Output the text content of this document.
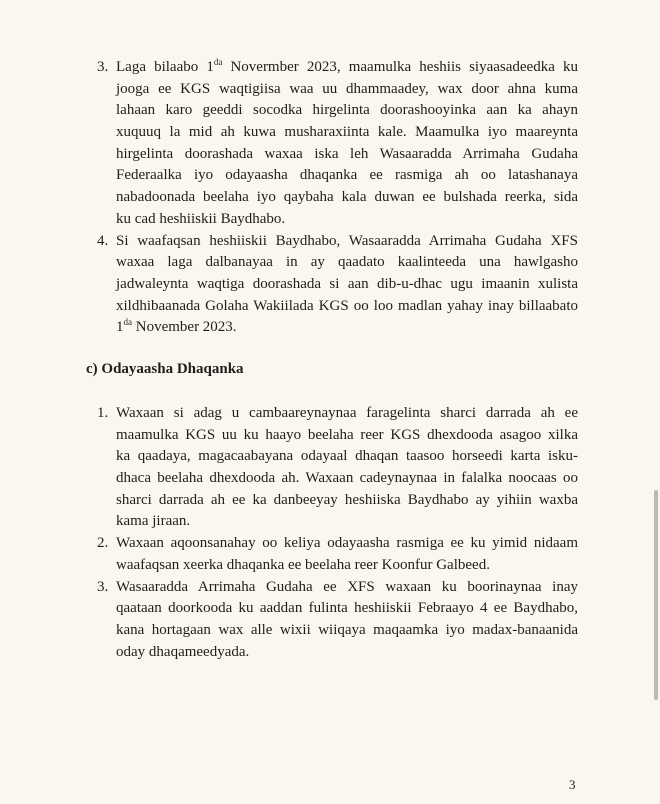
3. Laga bilaabo $1^{da}$ Novermber 2023, maamulka heshiis siyaasadeedka ku
jooga ee KGS waqtigiisa waa uu dhammaadey, wax door ahna kuma
lahaan karo geeddi socodka hirgelinta doorashooyinka aan ka ahayn
xuquuq la mid ah kuwa musharaxiinta kale. Maamulka iyo maareynta
hirgelinta doorashada waxaa iska leh Wasaaradda Arrimaha Gudaha
Federaalka iyo odayaasha dhaqanka ee rasmiga ah oo latashanaya
nabadoonada beelaha iyo qaybaha kala duwan ee bulshada reerka, sida
ku cad heshiiskii Baydhabo.
4. Si waafaqsan heshiiskii Baydhabo, Wasaaradda Arrimaha Gudaha XFS
waxaa laga dalbanayaa in ay qaadato kaalinteeda una hawlgasho
jadwaleynta waqtiga doorashada si aan dib-u-dhac ugu imaanin xulista
xildhibaanada Golaha Wakiilada KGS oo loo madlan yahay inay billaabato
$1^{da}$ November 2023.
c) Odayaasha Dhaqanka
1. Waxaan si adag u cambaareynaynaa faragelinta sharci darrada ah ee
maamulka KGS uu ku haayo beelaha reer KGS dhexdooda asagoo xilka
ka qaadaya, magacaabayana odayaal dhaqan taasoo horseedi karta isku-
dhaca beelaha dhexdooda ah. Waxaan cadeynaynaa in falalka noocaas oo
sharci darrada ah ee ka danbeeyay heshiiska Baydhabo ay yihiin waxba
kama jiraan.
2. Waxaan aqoonsanahay oo keliya odayaasha rasmiga ee ku yimid nidaam
waafaqsan xeerka dhaqanka ee beelaha reer Koonfur Galbeed.
3. Wasaaradda Arrimaha Gudaha ee XFS waxaan ku boorinaynaa inay
qaataan doorkooda ku aaddan fulinta heshiiskii Febraayo 4 ee Baydhabo,
kana hortagaan wax alle wixii wiiqaya maqaamka iyo madax-banaanida
oday dhaqameedyada.
3
